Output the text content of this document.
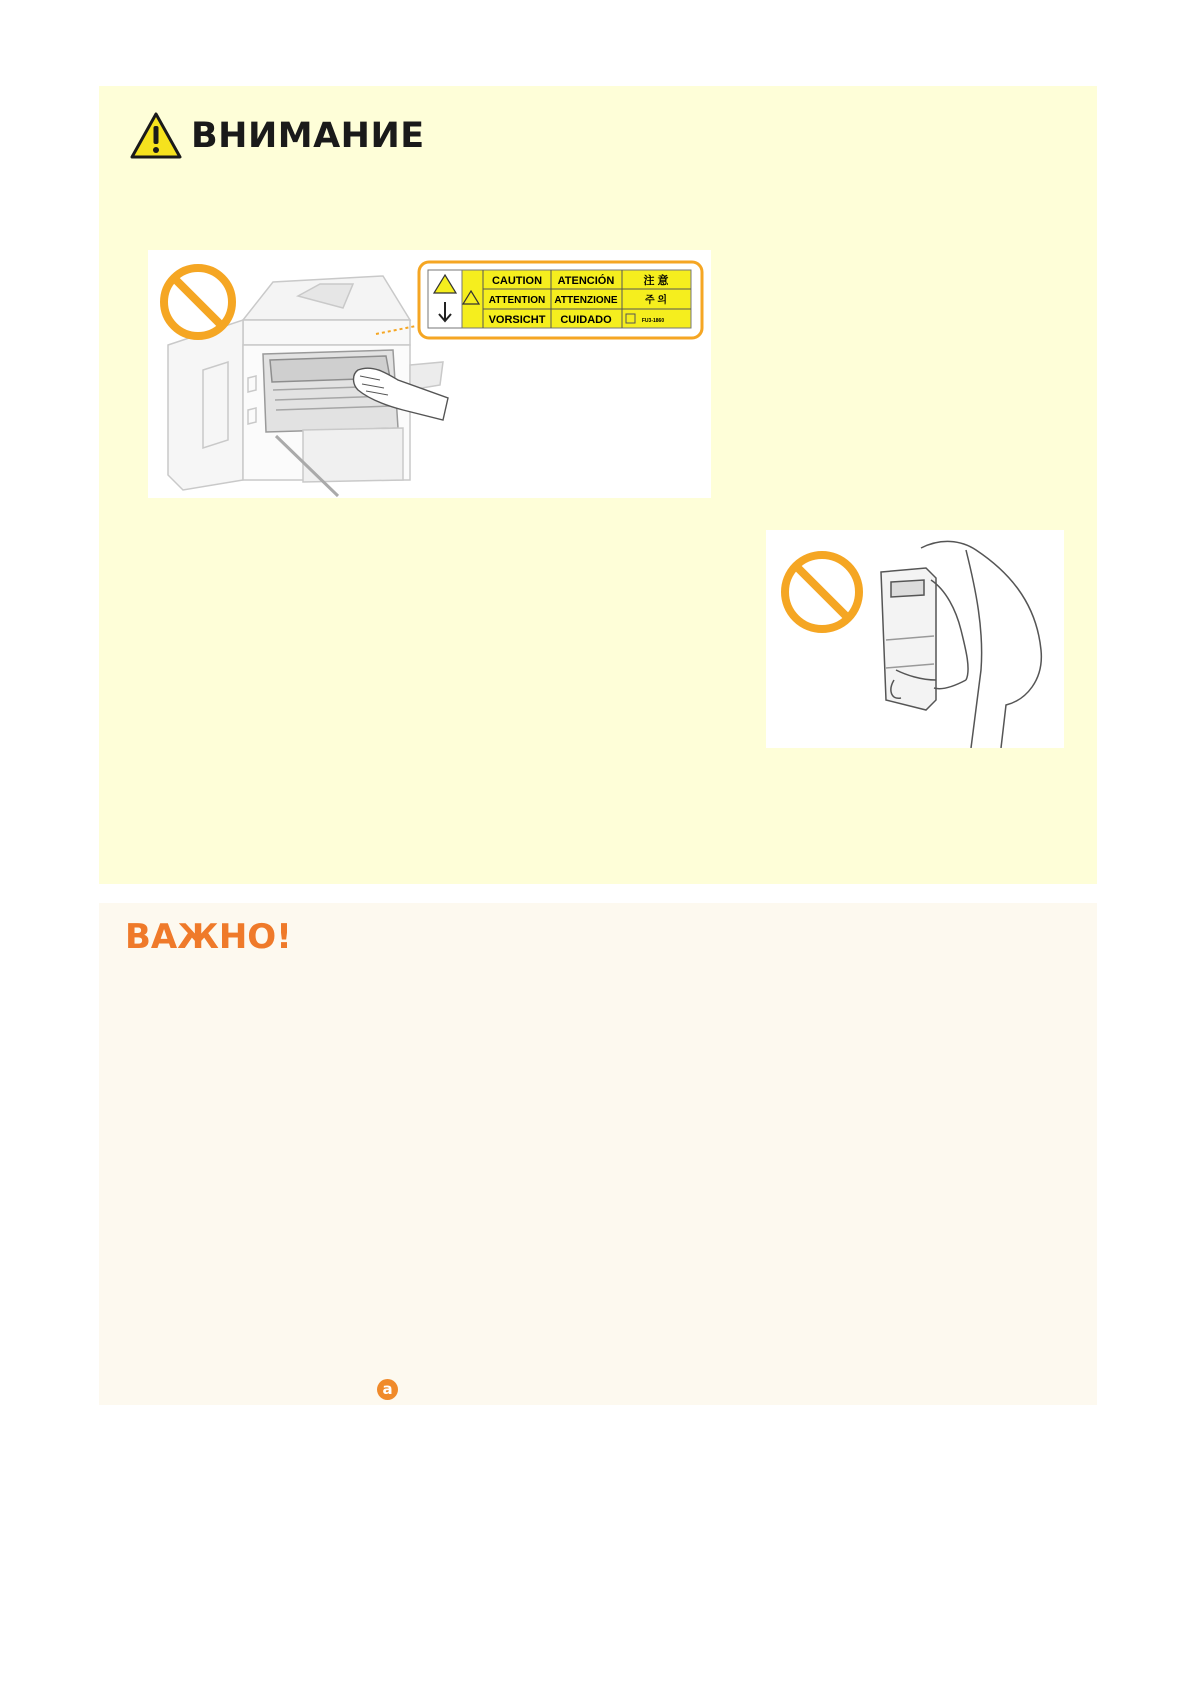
ВНИМАНИЕ
CAUTION ATENCIÓN	注 意
ATTENTION ATTENZIONE	주 의
VORSICHT CUIDADO	FU3-1860
ВАЖНО!
a
